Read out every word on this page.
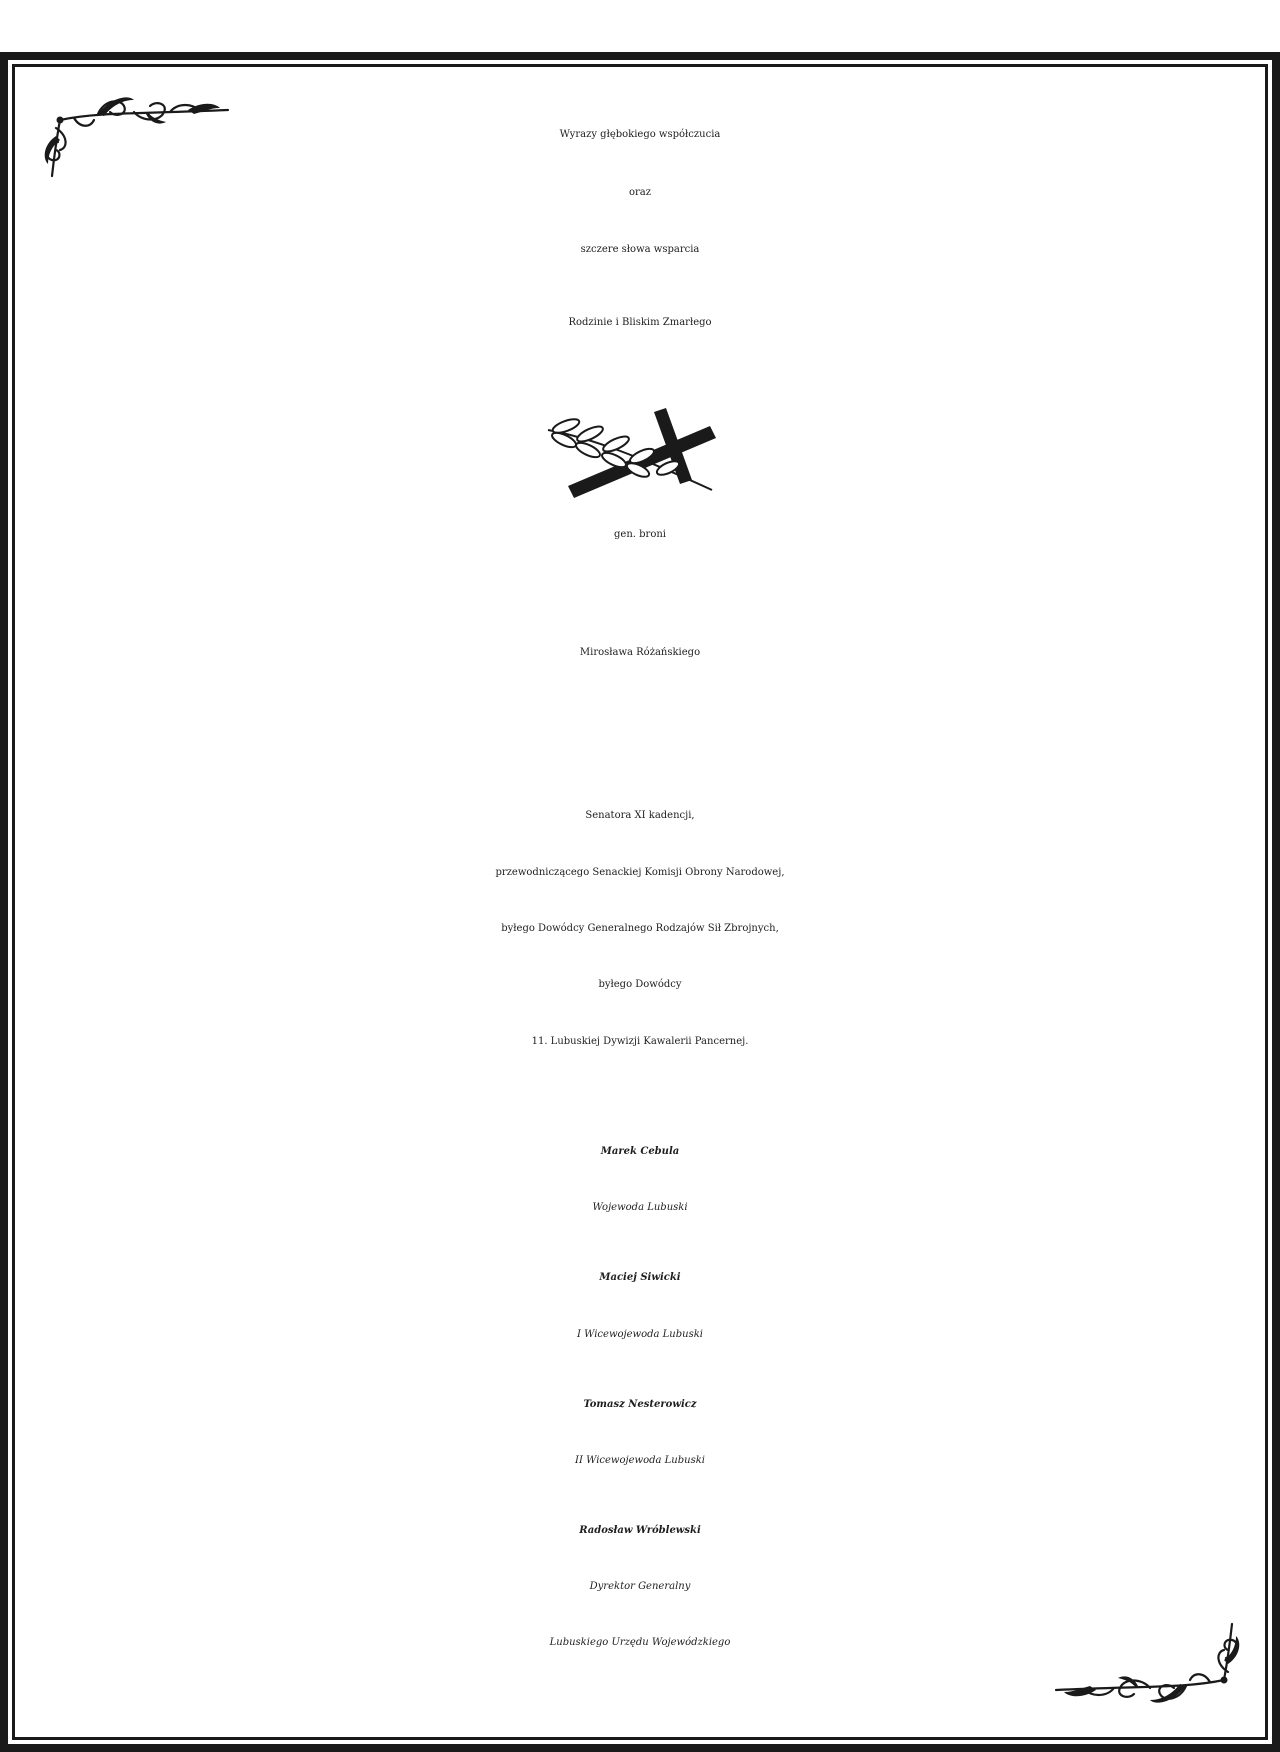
Wyrazy głębokiego współczucia
oraz
szczere słowa wsparcia
Rodzinie i Bliskim Zmarłego
gen. broni
Mirosława Różańskiego
Senatora XI kadencji,
przewodniczącego Senackiej Komisji Obrony Narodowej,
byłego Dowódcy Generalnego Rodzajów Sił Zbrojnych,
byłego Dowódcy
11. Lubuskiej Dywizji Kawalerii Pancernej.
Marek Cebula
Wojewoda Lubuski
Maciej Siwicki
I Wicewojewoda Lubuski
Tomasz Nesterowicz
II Wicewojewoda Lubuski
Radosław Wróblewski
Dyrektor Generalny
Lubuskiego Urzędu Wojewódzkiego
